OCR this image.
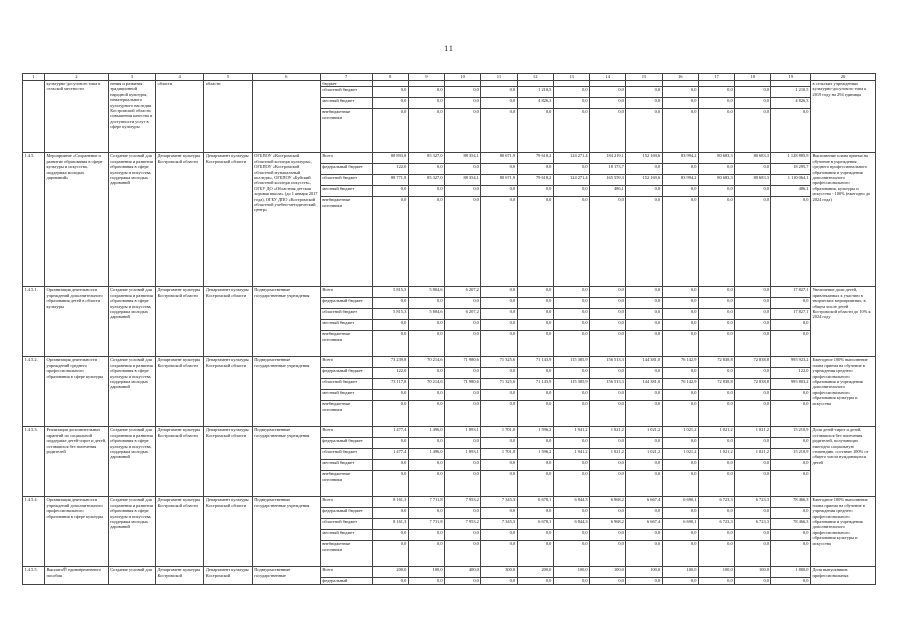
11
1	2	3	4	5	6	7	8	9	10	11	12	13	14	15	16	17	18	19	20
	культурно-досугового типа в сельской местности	нения и развития традиционной народной культуры, нематериального культурного наследия Костромской области, повышения качества и доступности услуг в сфере культуры	области	области		бюджет													в сельских учреждениях культурно-досугового типа к 2019 году на 294 единицы
						областной бюджет	0,0	0,0	0,0	0,0	1 210,5	0,0	0,0	0,0	0,0	0,0	0,0	1 210,5	
						местный бюджет	0,0	0,0	0,0	0,0	4 826,3	0,0	0,0	0,0	0,0	0,0	0,0	4 826,3	
						внебюджетные источники	0,0	0,0	0,0	0,0	0,0	0,0	0,0	0,0	0,0	0,0	0,0	0,0	
1.4.5.	Мероприятие «Сохранение и развитие образования в сфере культуры и искусства, поддержка молодых дарований»	Создание условий для сохранения и развития образования в сфере культуры и искусства, поддержка молодых дарований	Департамент культуры Костромской области	Департамент культуры Костромской области	ОГБПОУ «Костромской областной колледж культуры», ОГБПОУ «Костромской областной музыкальный колледж», ОГБПОУ «Буйский областной колледж искусств», ОГБУ ДО «Областная детская хоровая школа» (до 1 января 2017 года), ОГБУ ДПО «Костромской областной учебно-методический центр»	Всего	88 893,8	85 327,0	88 354,1	80 671,9	79 618,2	124 271,4	184 219,1	152 169,6	83 994,2	80 683,3	80 683,3	1 128 885,9	Выполнение плана приема на обучение в учреждения среднего профессионального образования и учреждения дополнительного профессионального образования, культуры и искусства - 100% (ежегодно до 2024 года)
						федеральный бюджет	122,0	0,0	0,0	0,0	0,0	0,0	18 173,7	0,0	0,0	0,0	0,0	18 295,7	
						областной бюджет	88 771,8	85 327,0	88 354,1	80 671,9	79 618,2	124 271,4	165 559,3	152 169,6	83 994,2	80 683,3	80 683,3	1 110 064,1	
						местный бюджет	0,0	0,0	0,0	0,0	0,0	0,0	486,1	0,0	0,0	0,0	0,0	486,1	
						внебюджетные источники	0,0	0,0	0,0	0,0	0,0	0,0	0,0	0,0	0,0	0,0	0,0	0,0	
1.4.5.1.	Организация деятельности учреждений дополнительного образования детей в области культуры	Создание условий для сохранения и развития образования в сфере культуры и искусства, поддержка молодых дарований	Департамент культуры Костромской области	Департамент культуры Костромской области	Подведомственные государственные учреждения	Всего	5 815,3	5 804,6	6 207,2	0,0	0,0	0,0	0,0	0,0	0,0	0,0	0,0	17 827,1	Увеличение доли детей, привлекаемых к участию в творческих мероприятиях, в общем числе детей Костромской области до 10% к 2024 году
						федеральный бюджет	0,0	0,0	0,0	0,0	0,0	0,0	0,0	0,0	0,0	0,0	0,0	0,0	
						областной бюджет	5 815,3	5 804,6	6 207,2	0,0	0,0	0,0	0,0	0,0	0,0	0,0	0,0	17 827,1	
						местный бюджет	0,0	0,0	0,0	0,0	0,0	0,0	0,0	0,0	0,0	0,0	0,0	0,0	
						внебюджетные источники	0,0	0,0	0,0	0,0	0,0	0,0	0,0	0,0	0,0	0,0	0,0	0,0	
1.4.5.2.	Организация деятельности учреждений среднего профессионального образования в сфере культуры	Создание условий для сохранения и развития образования в сфере культуры и искусства, поддержка молодых дарований	Департамент культуры Костромской области	Департамент культуры Костромской области	Подведомственные государственные учреждения	Всего	73 239,8	70 214,6	71 980,6	71 325,6	71 143,9	115 385,9	156 513,3	144 381,0	76 142,9	72 838,8	72 838,8	995 923,2	Ежегодное 100% выполнение плана приема на обучение в учреждения среднего профессионального образования и учреждения дополнительного профессионального образования культуры и искусства
						федеральный бюджет	122,0	0,0	0,0	0,0	0,0	0,0	0,0	0,0	0,0	0,0	0,0	122,0	
						областной бюджет	73 117,8	70 214,6	71 980,6	71 325,6	71 143,9	115 385,9	156 513,3	144 381,0	76 142,9	72 838,8	72 838,8	995 803,2	
						местный бюджет	0,0	0,0	0,0	0,0	0,0	0,0	0,0	0,0	0,0	0,0	0,0	0,0	
						внебюджетные источники	0,0	0,0	0,0	0,0	0,0	0,0	0,0	0,0	0,0	0,0	0,0	0,0	
1.4.5.3.	Реализация дополнительных гарантий по социальной поддержке детей-сирот и детей, оставшихся без попечения родителей	Создание условий для сохранения и развития образования в сфере культуры и искусства, поддержка молодых дарований	Департамент культуры Костромской области	Департамент культуры Костромской области	Подведомственные государственные учреждения	Всего	1 477,4	1 496,0	1 893,1	1 701,0	1 596,2	1 941,2	1 021,2	1 021,2	1 021,2	1 021,2	1 021,2	15 210,9	Доля детей-сирот и детей, оставшихся без попечения родителей, получающих ежегодно социальную стипендию, составит 100% от общего числа нуждающихся детей
						федеральный бюджет	0,0	0,0	0,0	0,0	0,0	0,0	0,0	0,0	0,0	0,0	0,0	0,0	
						областной бюджет	1 477,4	1 496,0	1 893,1	1 701,0	1 596,2	1 941,2	1 021,2	1 021,2	1 021,2	1 021,2	1 021,2	15 210,9	
						местный бюджет	0,0	0,0	0,0	0,0	0,0	0,0	0,0	0,0	0,0	0,0	0,0	0,0	
						внебюджетные источники	0,0	0,0	0,0	0,0	0,0	0,0	0,0	0,0	0,0	0,0	0,0	0,0	
1.4.5.4.	Организация деятельности учреждений дополнительного профессионального образования в сфере культуры	Создание условий для сохранения и развития образования в сфере культуры и искусства, поддержка молодых дарований	Департамент культуры Костромской области	Департамент культуры Костромской области	Подведомственные государственные учреждения	Всего	8 161,3	7 711,8	7 953,2	7 345,3	6 678,1	6 844,3	6 968,2	6 667,4	6 690,1	6 723,3	6 723,3	78 466,3	Ежегодное 100% выполнение плана приема на обучение в учреждения среднего профессионального образования и учреждения дополнительного профессионального образования культуры и искусства
						федеральный бюджет	0,0	0,0	0,0	0,0	0,0	0,0	0,0	0,0	0,0	0,0	0,0	0,0	
						областной бюджет	8 161,3	7 711,8	7 953,2	7 345,3	6 678,1	6 844,3	6 968,2	6 667,4	6 690,1	6 723,3	6 723,3	78 466,3	
						местный бюджет	0,0	0,0	0,0	0,0	0,0	0,0	0,0	0,0	0,0	0,0	0,0	0,0	
						внебюджетные источники	0,0	0,0	0,0	0,0	0,0	0,0	0,0	0,0	0,0	0,0	0,0	0,0	
1.4.5.5.	Выплата单 единовременного пособия	Создание условий для	Департамент культуры Костромской	Департамент культуры Костромской	Подведомственные государственные	Всего	200,0	100,0	400,0	300,0	200,0	100,0	100,0	100,0	100,0	100,0	100,0	1 800,0	Доля выпускников профессиональных
						федеральный	0,0	0,0	0,0	0,0	0,0	0,0	0,0	0,0	0,0	0,0	0,0	0,0	
